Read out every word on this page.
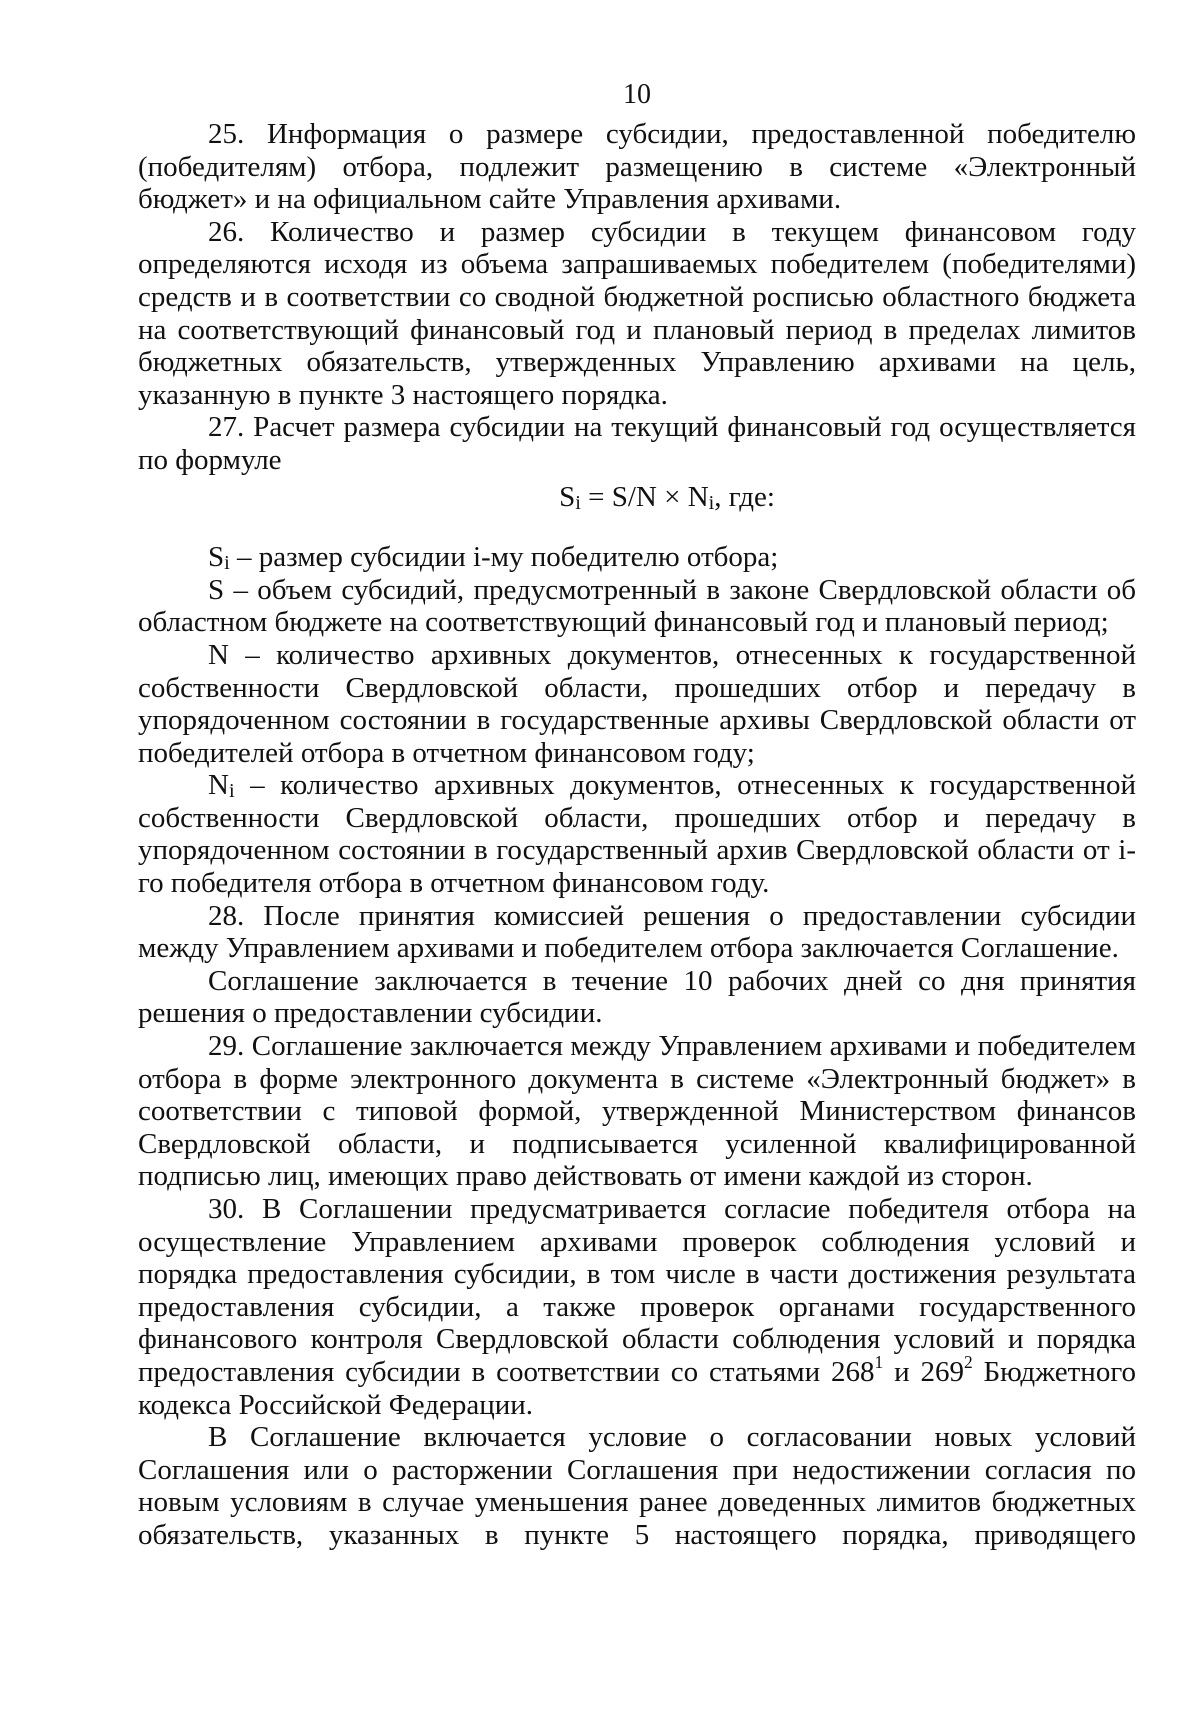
10

25. Информация о размере субсидии, предоставленной победителю (победителям) отбора, подлежит размещению в системе «Электронный бюджет» и на официальном сайте Управления архивами.

26. Количество и размер субсидии в текущем финансовом году определяются исходя из объема запрашиваемых победителем (победителями) средств и в соответствии со сводной бюджетной росписью областного бюджета на соответствующий финансовый год и плановый период в пределах лимитов бюджетных обязательств, утвержденных Управлению архивами на цель, указанную в пункте 3 настоящего порядка.

27. Расчет размера субсидии на текущий финансовый год осуществляется по формуле

$S_i = S/N \times N_i$, где:

$S_i$ – размер субсидии i-му победителю отбора;

S – объем субсидий, предусмотренный в законе Свердловской области об областном бюджете на соответствующий финансовый год и плановый период;

N – количество архивных документов, отнесенных к государственной собственности Свердловской области, прошедших отбор и передачу в упорядоченном состоянии в государственные архивы Свердловской области от победителей отбора в отчетном финансовом году;

$N_i$ – количество архивных документов, отнесенных к государственной собственности Свердловской области, прошедших отбор и передачу в упорядоченном состоянии в государственный архив Свердловской области от i-го победителя отбора в отчетном финансовом году.

28. После принятия комиссией решения о предоставлении субсидии между Управлением архивами и победителем отбора заключается Соглашение.

Соглашение заключается в течение 10 рабочих дней со дня принятия решения о предоставлении субсидии.

29. Соглашение заключается между Управлением архивами и победителем отбора в форме электронного документа в системе «Электронный бюджет» в соответствии с типовой формой, утвержденной Министерством финансов Свердловской области, и подписывается усиленной квалифицированной подписью лиц, имеющих право действовать от имени каждой из сторон.

30. В Соглашении предусматривается согласие победителя отбора на осуществление Управлением архивами проверок соблюдения условий и порядка предоставления субсидии, в том числе в части достижения результата предоставления субсидии, а также проверок органами государственного финансового контроля Свердловской области соблюдения условий и порядка предоставления субсидии в соответствии со статьями $268^1$ и $269^2$ Бюджетного кодекса Российской Федерации.

В Соглашение включается условие о согласовании новых условий Соглашения или о расторжении Соглашения при недостижении согласия по новым условиям в случае уменьшения ранее доведенных лимитов бюджетных обязательств, указанных в пункте 5 настоящего порядка, приводящего
